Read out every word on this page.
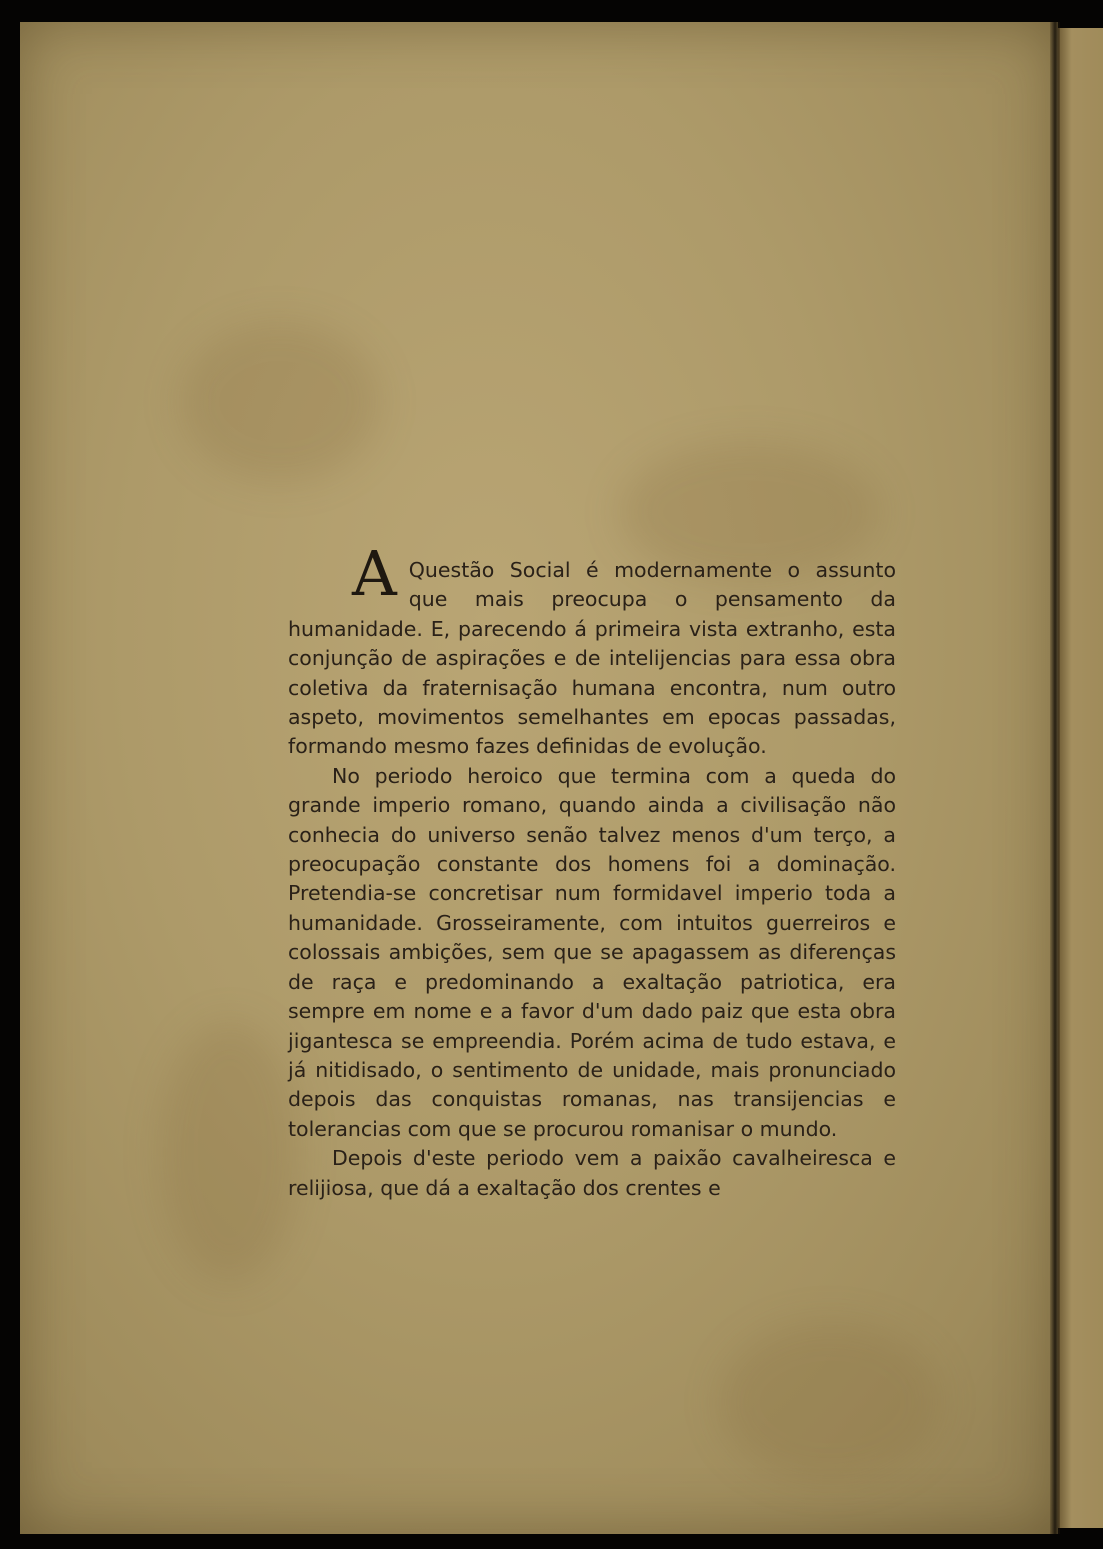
A Questão Social é modernamente o assunto que mais preocupa o pensamento da humanidade. E, parecendo á primeira vista extranho, esta conjunção de aspirações e de intelijencias para essa obra coletiva da fraternisação humana encontra, num outro aspeto, movimentos semelhantes em epocas passadas, formando mesmo fazes definidas de evolução.

No periodo heroico que termina com a queda do grande imperio romano, quando ainda a civilisação não conhecia do universo senão talvez menos d'um terço, a preocupação constante dos homens foi a dominação. Pretendia-se concretisar num formidavel imperio toda a humanidade. Grosseiramente, com intuitos guerreiros e colossais ambições, sem que se apagassem as diferenças de raça e predominando a exaltação patriotica, era sempre em nome e a favor d'um dado paiz que esta obra jigantesca se empreendia. Porém acima de tudo estava, e já nitidisado, o sentimento de unidade, mais pronunciado depois das conquistas romanas, nas transijencias e tolerancias com que se procurou romanisar o mundo.

Depois d'este periodo vem a paixão cavalheiresca e relijiosa, que dá a exaltação dos crentes e
